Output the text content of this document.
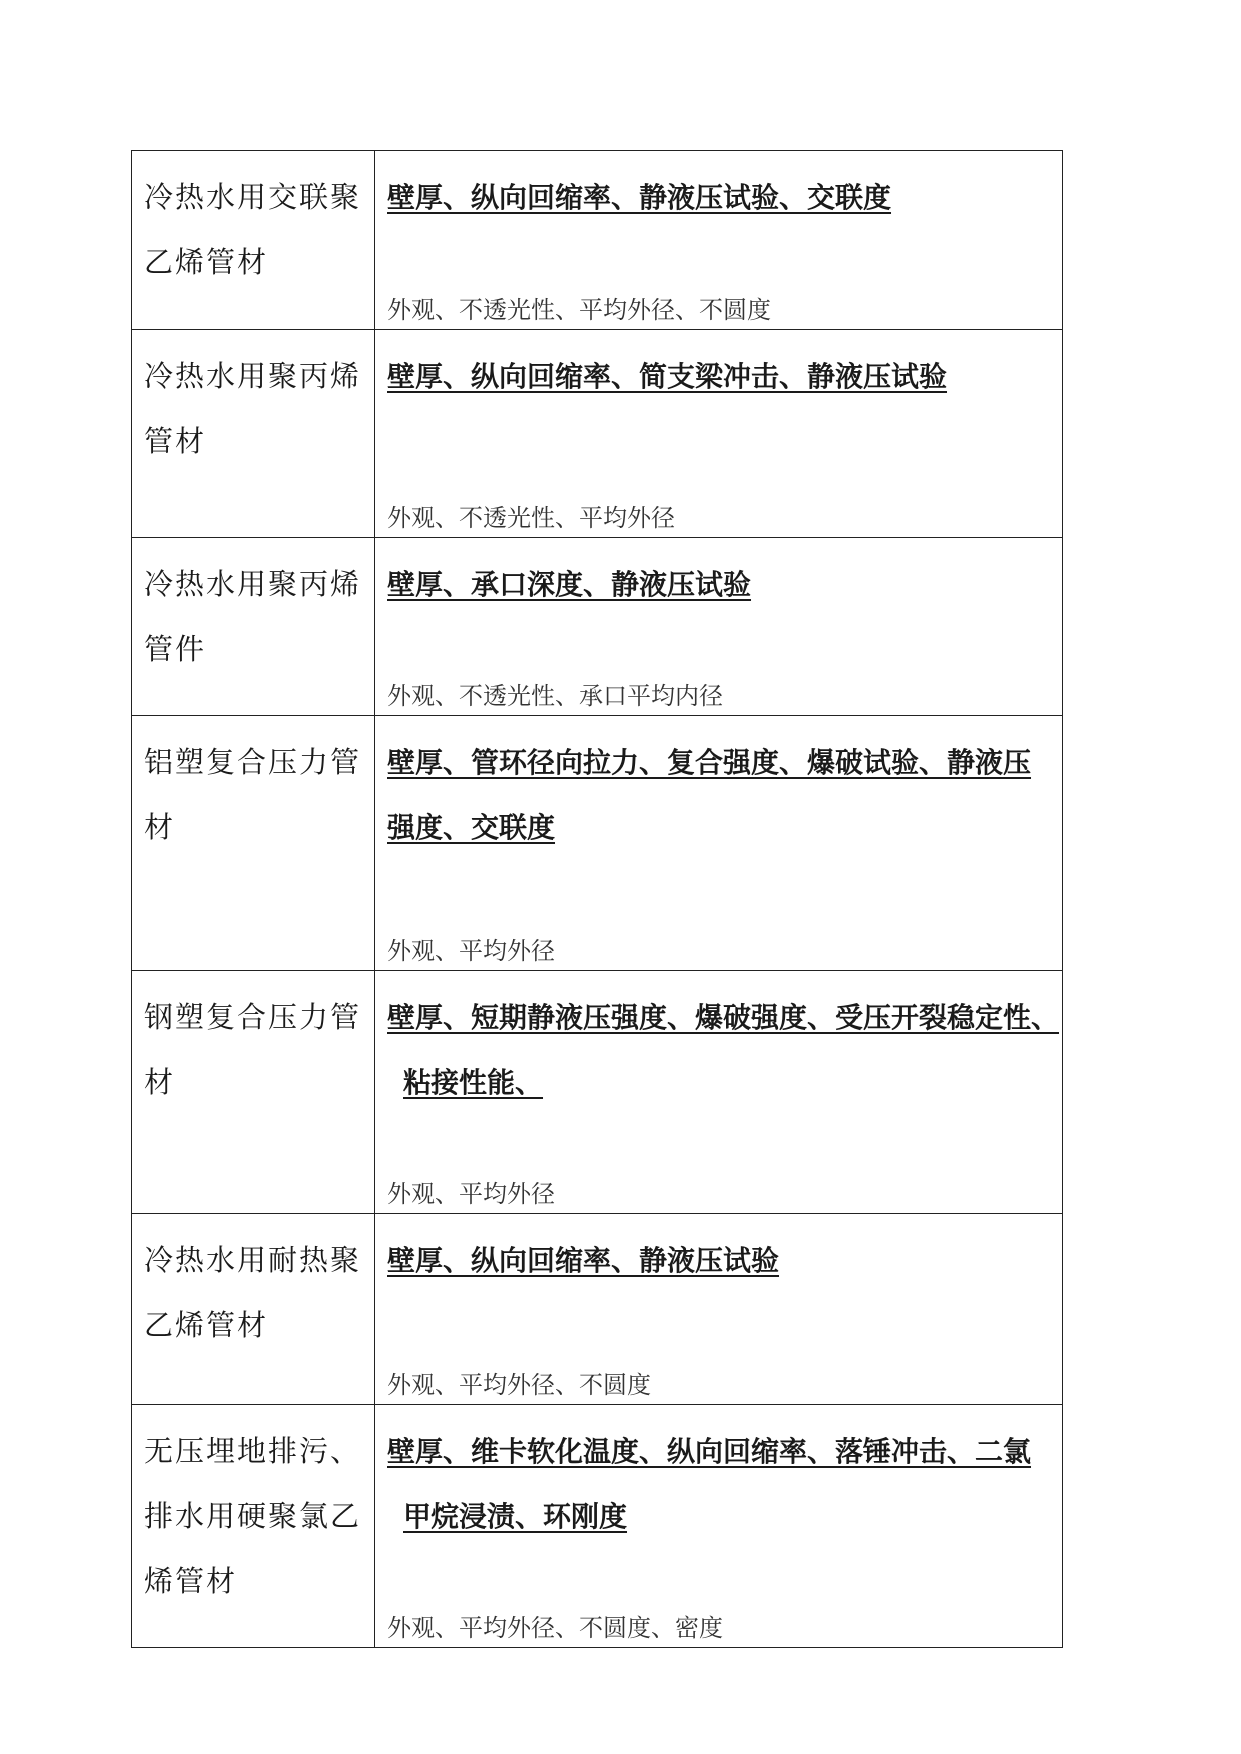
冷热水用交联聚乙烯管材	壁厚、纵向回缩率、静液压试验、交联度
外观、不透光性、平均外径、不圆度

冷热水用聚丙烯管材	壁厚、纵向回缩率、简支梁冲击、静液压试验
外观、不透光性、平均外径

冷热水用聚丙烯管件	壁厚、承口深度、静液压试验
外观、不透光性、承口平均内径

铝塑复合压力管材	壁厚、管环径向拉力、复合强度、爆破试验、静液压
强度、交联度
外观、平均外径

钢塑复合压力管材	壁厚、短期静液压强度、爆破强度、受压开裂稳定性、
粘接性能、
外观、平均外径

冷热水用耐热聚乙烯管材	壁厚、纵向回缩率、静液压试验
外观、平均外径、不圆度

无压埋地排污、排水用硬聚氯乙烯管材	壁厚、维卡软化温度、纵向回缩率、落锤冲击、二氯
甲烷浸渍、环刚度
外观、平均外径、不圆度、密度
